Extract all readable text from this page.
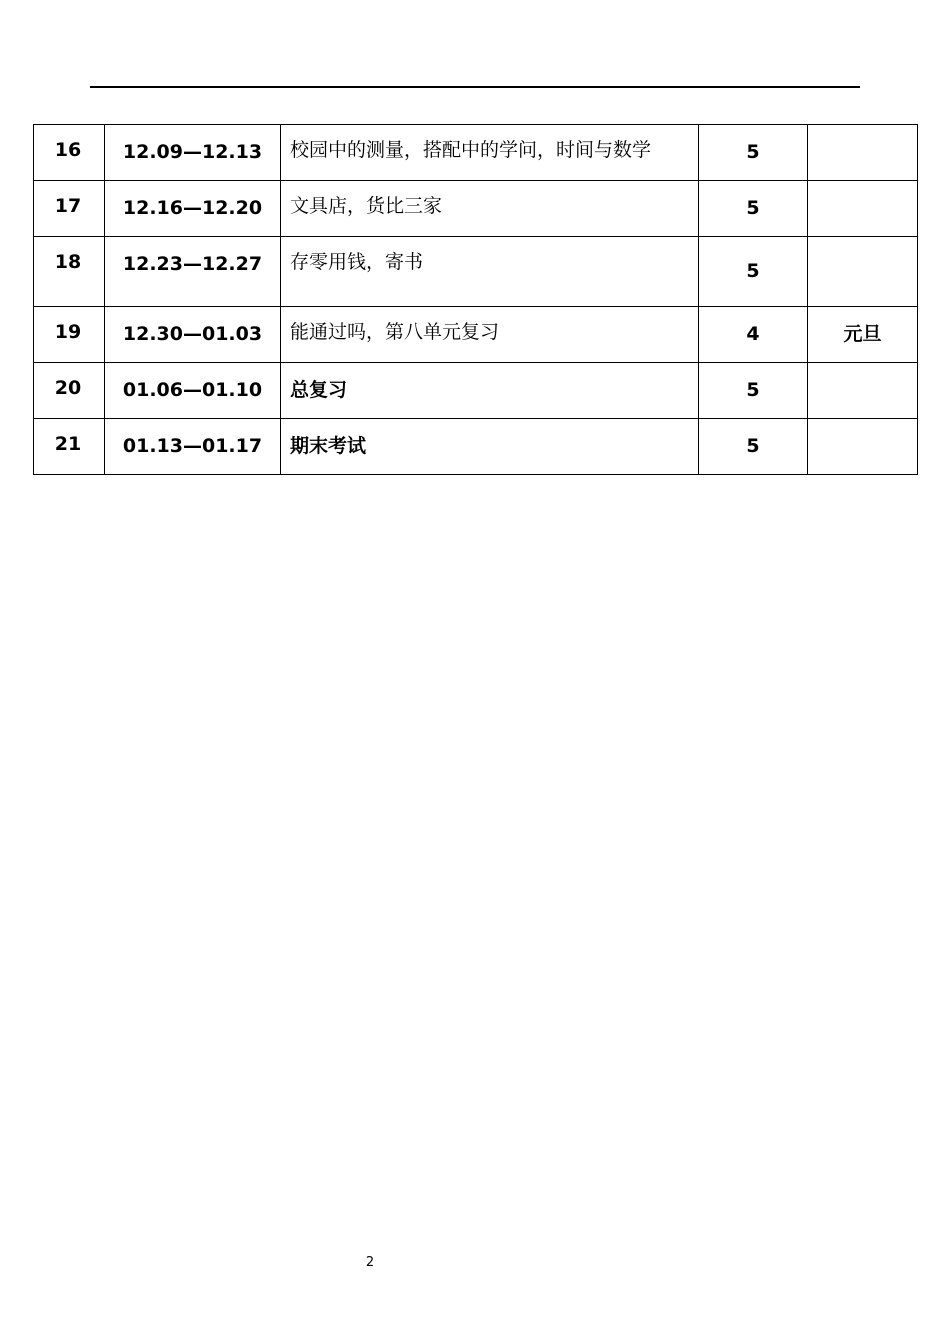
16	12.09—12.13	校园中的测量，搭配中的学问，时间与数学	5	
17	12.16—12.20	文具店，货比三家	5	
18	12.23—12.27	存零用钱，寄书	5	
19	12.30—01.03	能通过吗，第八单元复习	4	元旦
20	01.06—01.10	总复习	5	
21	01.13—01.17	期末考试	5	
2
